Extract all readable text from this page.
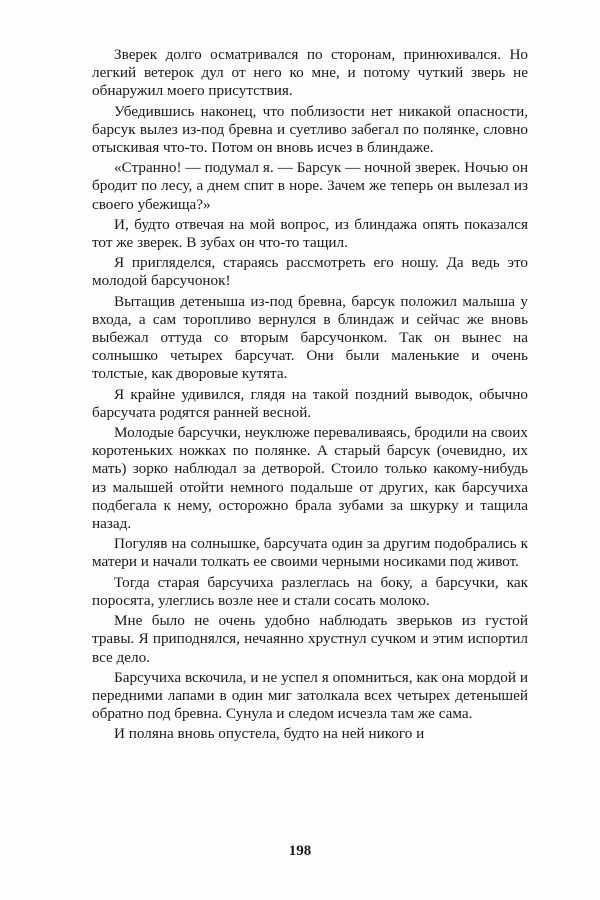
Зверек долго осматривался по сторонам, принюхивался. Но легкий ветерок дул от него ко мне, и потому чуткий зверь не обнаружил моего присутствия.

Убедившись наконец, что поблизости нет никакой опасности, барсук вылез из-под бревна и суетливо забегал по полянке, словно отыскивая что-то. Потом он вновь исчез в блиндаже.

«Странно! — подумал я. — Барсук — ночной зверек. Ночью он бродит по лесу, а днем спит в норе. Зачем же теперь он вылезал из своего убежища?»

И, будто отвечая на мой вопрос, из блиндажа опять показался тот же зверек. В зубах он что-то тащил.

Я пригляделся, стараясь рассмотреть его ношу. Да ведь это молодой барсучонок!

Вытащив детеныша из-под бревна, барсук положил малыша у входа, а сам торопливо вернулся в блиндаж и сейчас же вновь выбежал оттуда со вторым барсучонком. Так он вынес на солнышко четырех барсучат. Они были маленькие и очень толстые, как дворовые кутята.

Я крайне удивился, глядя на такой поздний выводок, обычно барсучата родятся ранней весной.

Молодые барсучки, неуклюже переваливаясь, бродили на своих коротеньких ножках по полянке. А старый барсук (очевидно, их мать) зорко наблюдал за детворой. Стоило только какому-нибудь из малышей отойти немного подальше от других, как барсучиха подбегала к нему, осторожно брала зубами за шкурку и тащила назад.

Погуляв на солнышке, барсучата один за другим подобрались к матери и начали толкать ее своими черными носиками под живот.

Тогда старая барсучиха разлеглась на боку, а барсучки, как поросята, улеглись возле нее и стали сосать молоко.

Мне было не очень удобно наблюдать зверьков из густой травы. Я приподнялся, нечаянно хрустнул сучком и этим испортил все дело.

Барсучиха вскочила, и не успел я опомниться, как она мордой и передними лапами в один миг затолкала всех четырех детенышей обратно под бревна. Сунула и следом исчезла там же сама.

И поляна вновь опустела, будто на ней никого и

198
